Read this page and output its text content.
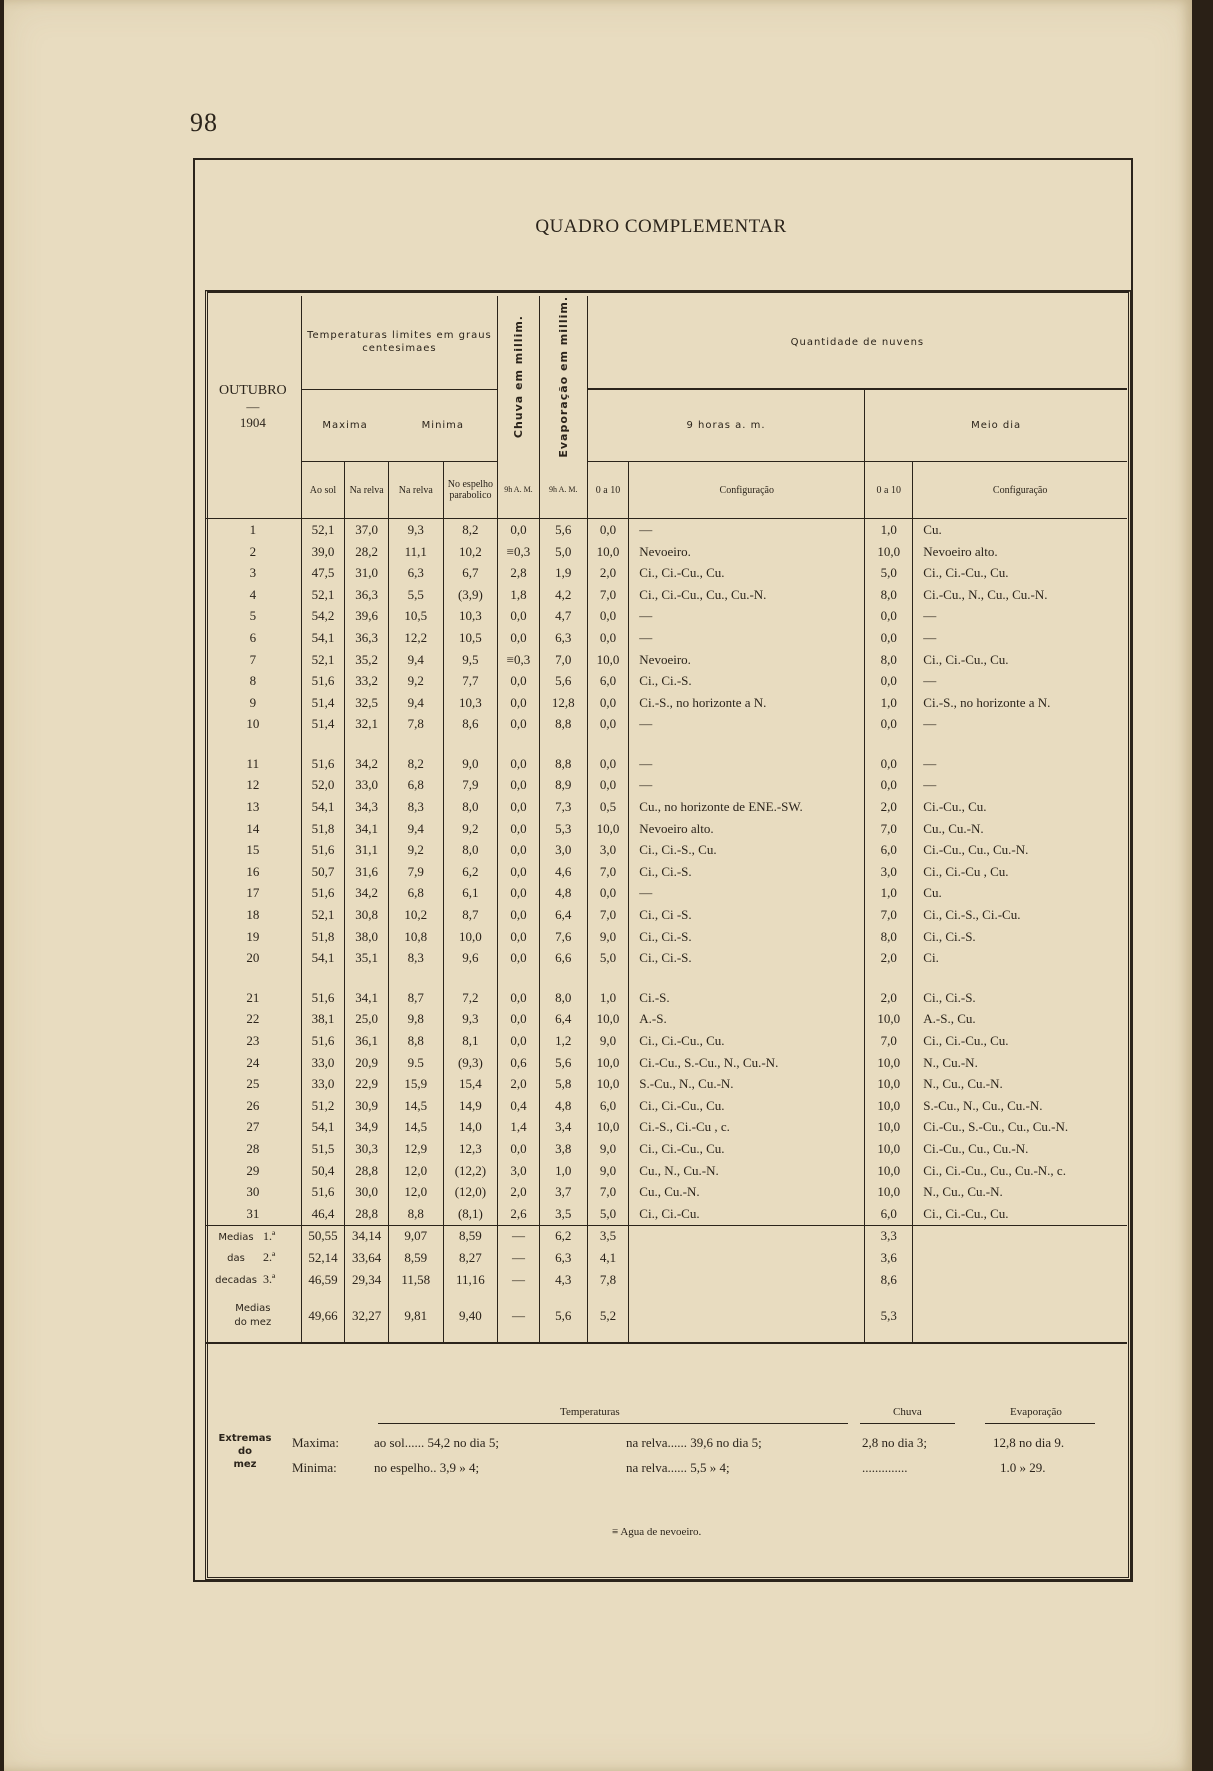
98
QUADRO COMPLEMENTAR
OUTUBRO
—
1904	Temperaturas limites em graus centesimaes				Chuva em millim.	Evaporação em millim.	Quantidade de nuvens			
	Maxima		Minima				9 horas a. m.		Meio dia	
	Ao sol	Na relva	Na relva	No espelho parabolico	9h A. M.	9h A. M.	0 a 10	Configuração	0 a 10	Configuração
1	52,1	37,0	9,3	8,2	0,0	5,6	0,0	—	1,0	Cu.
2	39,0	28,2	11,1	10,2	≡0,3	5,0	10,0	Nevoeiro.	10,0	Nevoeiro alto.
3	47,5	31,0	6,3	6,7	2,8	1,9	2,0	Ci., Ci.-Cu., Cu.	5,0	Ci., Ci.-Cu., Cu.
4	52,1	36,3	5,5	(3,9)	1,8	4,2	7,0	Ci., Ci.-Cu., Cu., Cu.-N.	8,0	Ci.-Cu., N., Cu., Cu.-N.
5	54,2	39,6	10,5	10,3	0,0	4,7	0,0	—	0,0	—
6	54,1	36,3	12,2	10,5	0,0	6,3	0,0	—	0,0	—
7	52,1	35,2	9,4	9,5	≡0,3	7,0	10,0	Nevoeiro.	8,0	Ci., Ci.-Cu., Cu.
8	51,6	33,2	9,2	7,7	0,0	5,6	6,0	Ci., Ci.-S.	0,0	—
9	51,4	32,5	9,4	10,3	0,0	12,8	0,0	Ci.-S., no horizonte a N.	1,0	Ci.-S., no horizonte a N.
10	51,4	32,1	7,8	8,6	0,0	8,8	0,0	—	0,0	—

11	51,6	34,2	8,2	9,0	0,0	8,8	0,0	—	0,0	—
12	52,0	33,0	6,8	7,9	0,0	8,9	0,0	—	0,0	—
13	54,1	34,3	8,3	8,0	0,0	7,3	0,5	Cu., no horizonte de ENE.-SW.	2,0	Ci.-Cu., Cu.
14	51,8	34,1	9,4	9,2	0,0	5,3	10,0	Nevoeiro alto.	7,0	Cu., Cu.-N.
15	51,6	31,1	9,2	8,0	0,0	3,0	3,0	Ci., Ci.-S., Cu.	6,0	Ci.-Cu., Cu., Cu.-N.
16	50,7	31,6	7,9	6,2	0,0	4,6	7,0	Ci., Ci.-S.	3,0	Ci., Ci.-Cu , Cu.
17	51,6	34,2	6,8	6,1	0,0	4,8	0,0	—	1,0	Cu.
18	52,1	30,8	10,2	8,7	0,0	6,4	7,0	Ci., Ci -S.	7,0	Ci., Ci.-S., Ci.-Cu.
19	51,8	38,0	10,8	10,0	0,0	7,6	9,0	Ci., Ci.-S.	8,0	Ci., Ci.-S.
20	54,1	35,1	8,3	9,6	0,0	6,6	5,0	Ci., Ci.-S.	2,0	Ci.

21	51,6	34,1	8,7	7,2	0,0	8,0	1,0	Ci.-S.	2,0	Ci., Ci.-S.
22	38,1	25,0	9,8	9,3	0,0	6,4	10,0	A.-S.	10,0	A.-S., Cu.
23	51,6	36,1	8,8	8,1	0,0	1,2	9,0	Ci., Ci.-Cu., Cu.	7,0	Ci., Ci.-Cu., Cu.
24	33,0	20,9	9.5	(9,3)	0,6	5,6	10,0	Ci.-Cu., S.-Cu., N., Cu.-N.	10,0	N., Cu.-N.
25	33,0	22,9	15,9	15,4	2,0	5,8	10,0	S.-Cu., N., Cu.-N.	10,0	N., Cu., Cu.-N.
26	51,2	30,9	14,5	14,9	0,4	4,8	6,0	Ci., Ci.-Cu., Cu.	10,0	S.-Cu., N., Cu., Cu.-N.
27	54,1	34,9	14,5	14,0	1,4	3,4	10,0	Ci.-S., Ci.-Cu , c.	10,0	Ci.-Cu., S.-Cu., Cu., Cu.-N.
28	51,5	30,3	12,9	12,3	0,0	3,8	9,0	Ci., Ci.-Cu., Cu.	10,0	Ci.-Cu., Cu., Cu.-N.
29	50,4	28,8	12,0	(12,2)	3,0	1,0	9,0	Cu., N., Cu.-N.	10,0	Ci., Ci.-Cu., Cu., Cu.-N., c.
30	51,6	30,0	12,0	(12,0)	2,0	3,7	7,0	Cu., Cu.-N.	10,0	N., Cu., Cu.-N.
31	46,4	28,8	8,8	(8,1)	2,6	3,5	5,0	Ci., Ci.-Cu.	6,0	Ci., Ci.-Cu., Cu.
Medias 1.ª	50,55	34,14	9,07	8,59	—	6,2	3,5		3,3	
das 2.ª	52,14	33,64	8,59	8,27	—	6,3	4,1		3,6	
decadas 3.ª	46,59	29,34	11,58	11,16	—	4,3	7,8		8,6	

Medias
do mez	49,66	32,27	9,81	9,40	—	5,6	5,2		5,3	
Extremas
do
mez
Temperaturas	Chuva	Evaporação
Maxima:	ao sol...... 54,2 no dia 5;	na relva...... 39,6 no dia 5;	2,8 no dia 3;	12,8 no dia 9.
Minima:	no espelho.. 3,9 » 4;	na relva...... 5,5 » 4;	..............	1.0 » 29.
≡ Agua de nevoeiro.
